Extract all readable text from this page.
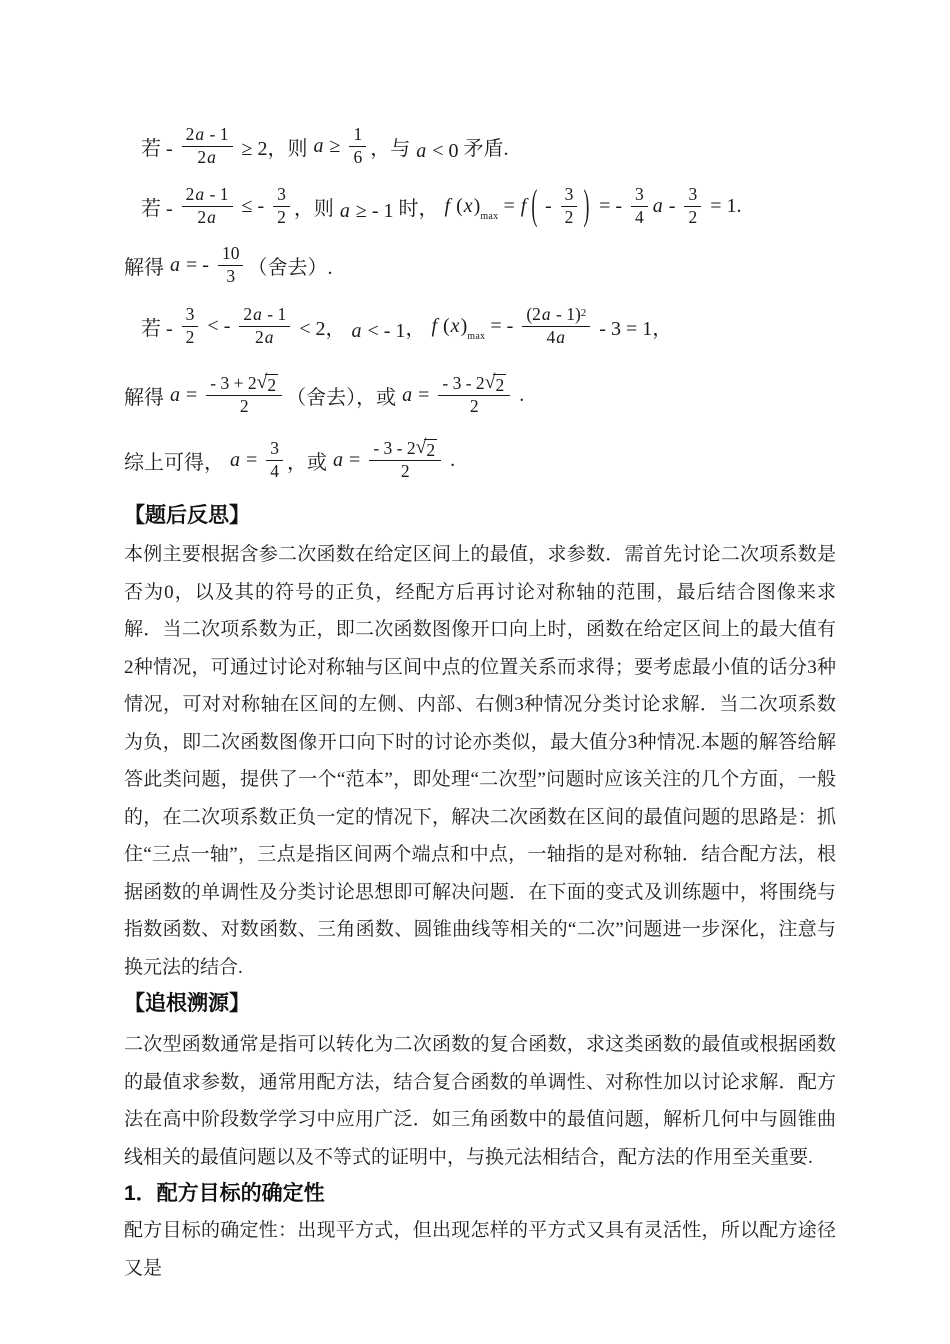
若 - $\frac{2 a - 1}{2 a} \ge 2$，则 $a \ge \frac{1}{6}$ ，与 a < 0 矛盾.
若 - $\frac{2 a - 1}{2 a}$ ≤ - $\frac{3}{2}$ ，则 a ≥ - 1 时， f ( x ) max = f ( - $\frac{3}{2}$ ) = - $\frac{3}{4}$ $a - \frac{3}{2} = 1$.
解得 a = - $\frac{10}{3}$ （舍去）.
若 - $\frac{3}{2}$ < - $\frac{2 a - 1}{2 a} < 2$， a < - 1 ， f ( x ) max = - $\frac{(2 a - 1) 2}{4 a} - 3 = 1$，
解得 $a = \frac{- 3 + 2 √ 2}{2}$ （舍去），或 $a = \frac{- 3 - 2 √ 2}{2}$ .
综上可得， $a = \frac{3}{4}$ ，或 $a = \frac{- 3 - 2 √ 2}{2}$ .
【题后反思】

本例主要根据含参二次函数在给定区间上的最值，求参数．需首先讨论二次项系数是否为0，以及其的符号的正负，经配方后再讨论对称轴的范围，最后结合图像来求解．当二次项系数为正，即二次函数图像开口向上时，函数在给定区间上的最大值有2种情况，可通过讨论对称轴与区间中点的位置关系而求得；要考虑最小值的话分3种情况，可对对称轴在区间的左侧、内部、右侧3种情况分类讨论求解．当二次项系数为负，即二次函数图像开口向下时的讨论亦类似，最大值分3种情况.本题的解答给解答此类问题，提供了一个“范本”，即处理“二次型”问题时应该关注的几个方面，一般的，在二次项系数正负一定的情况下，解决二次函数在区间的最值问题的思路是：抓住“三点一轴”，三点是指区间两个端点和中点，一轴指的是对称轴．结合配方法，根据函数的单调性及分类讨论思想即可解决问题．在下面的变式及训练题中，将围绕与指数函数、对数函数、三角函数、圆锥曲线等相关的“二次”问题进一步深化，注意与换元法的结合.

【追根溯源】

二次型函数通常是指可以转化为二次函数的复合函数，求这类函数的最值或根据函数的最值求参数，通常用配方法，结合复合函数的单调性、对称性加以讨论求解．配方法在高中阶段数学学习中应用广泛．如三角函数中的最值问题，解析几何中与圆锥曲线相关的最值问题以及不等式的证明中，与换元法相结合，配方法的作用至关重要.

1．配方目标的确定性

配方目标的确定性：出现平方式，但出现怎样的平方式又具有灵活性，所以配方途径又是
